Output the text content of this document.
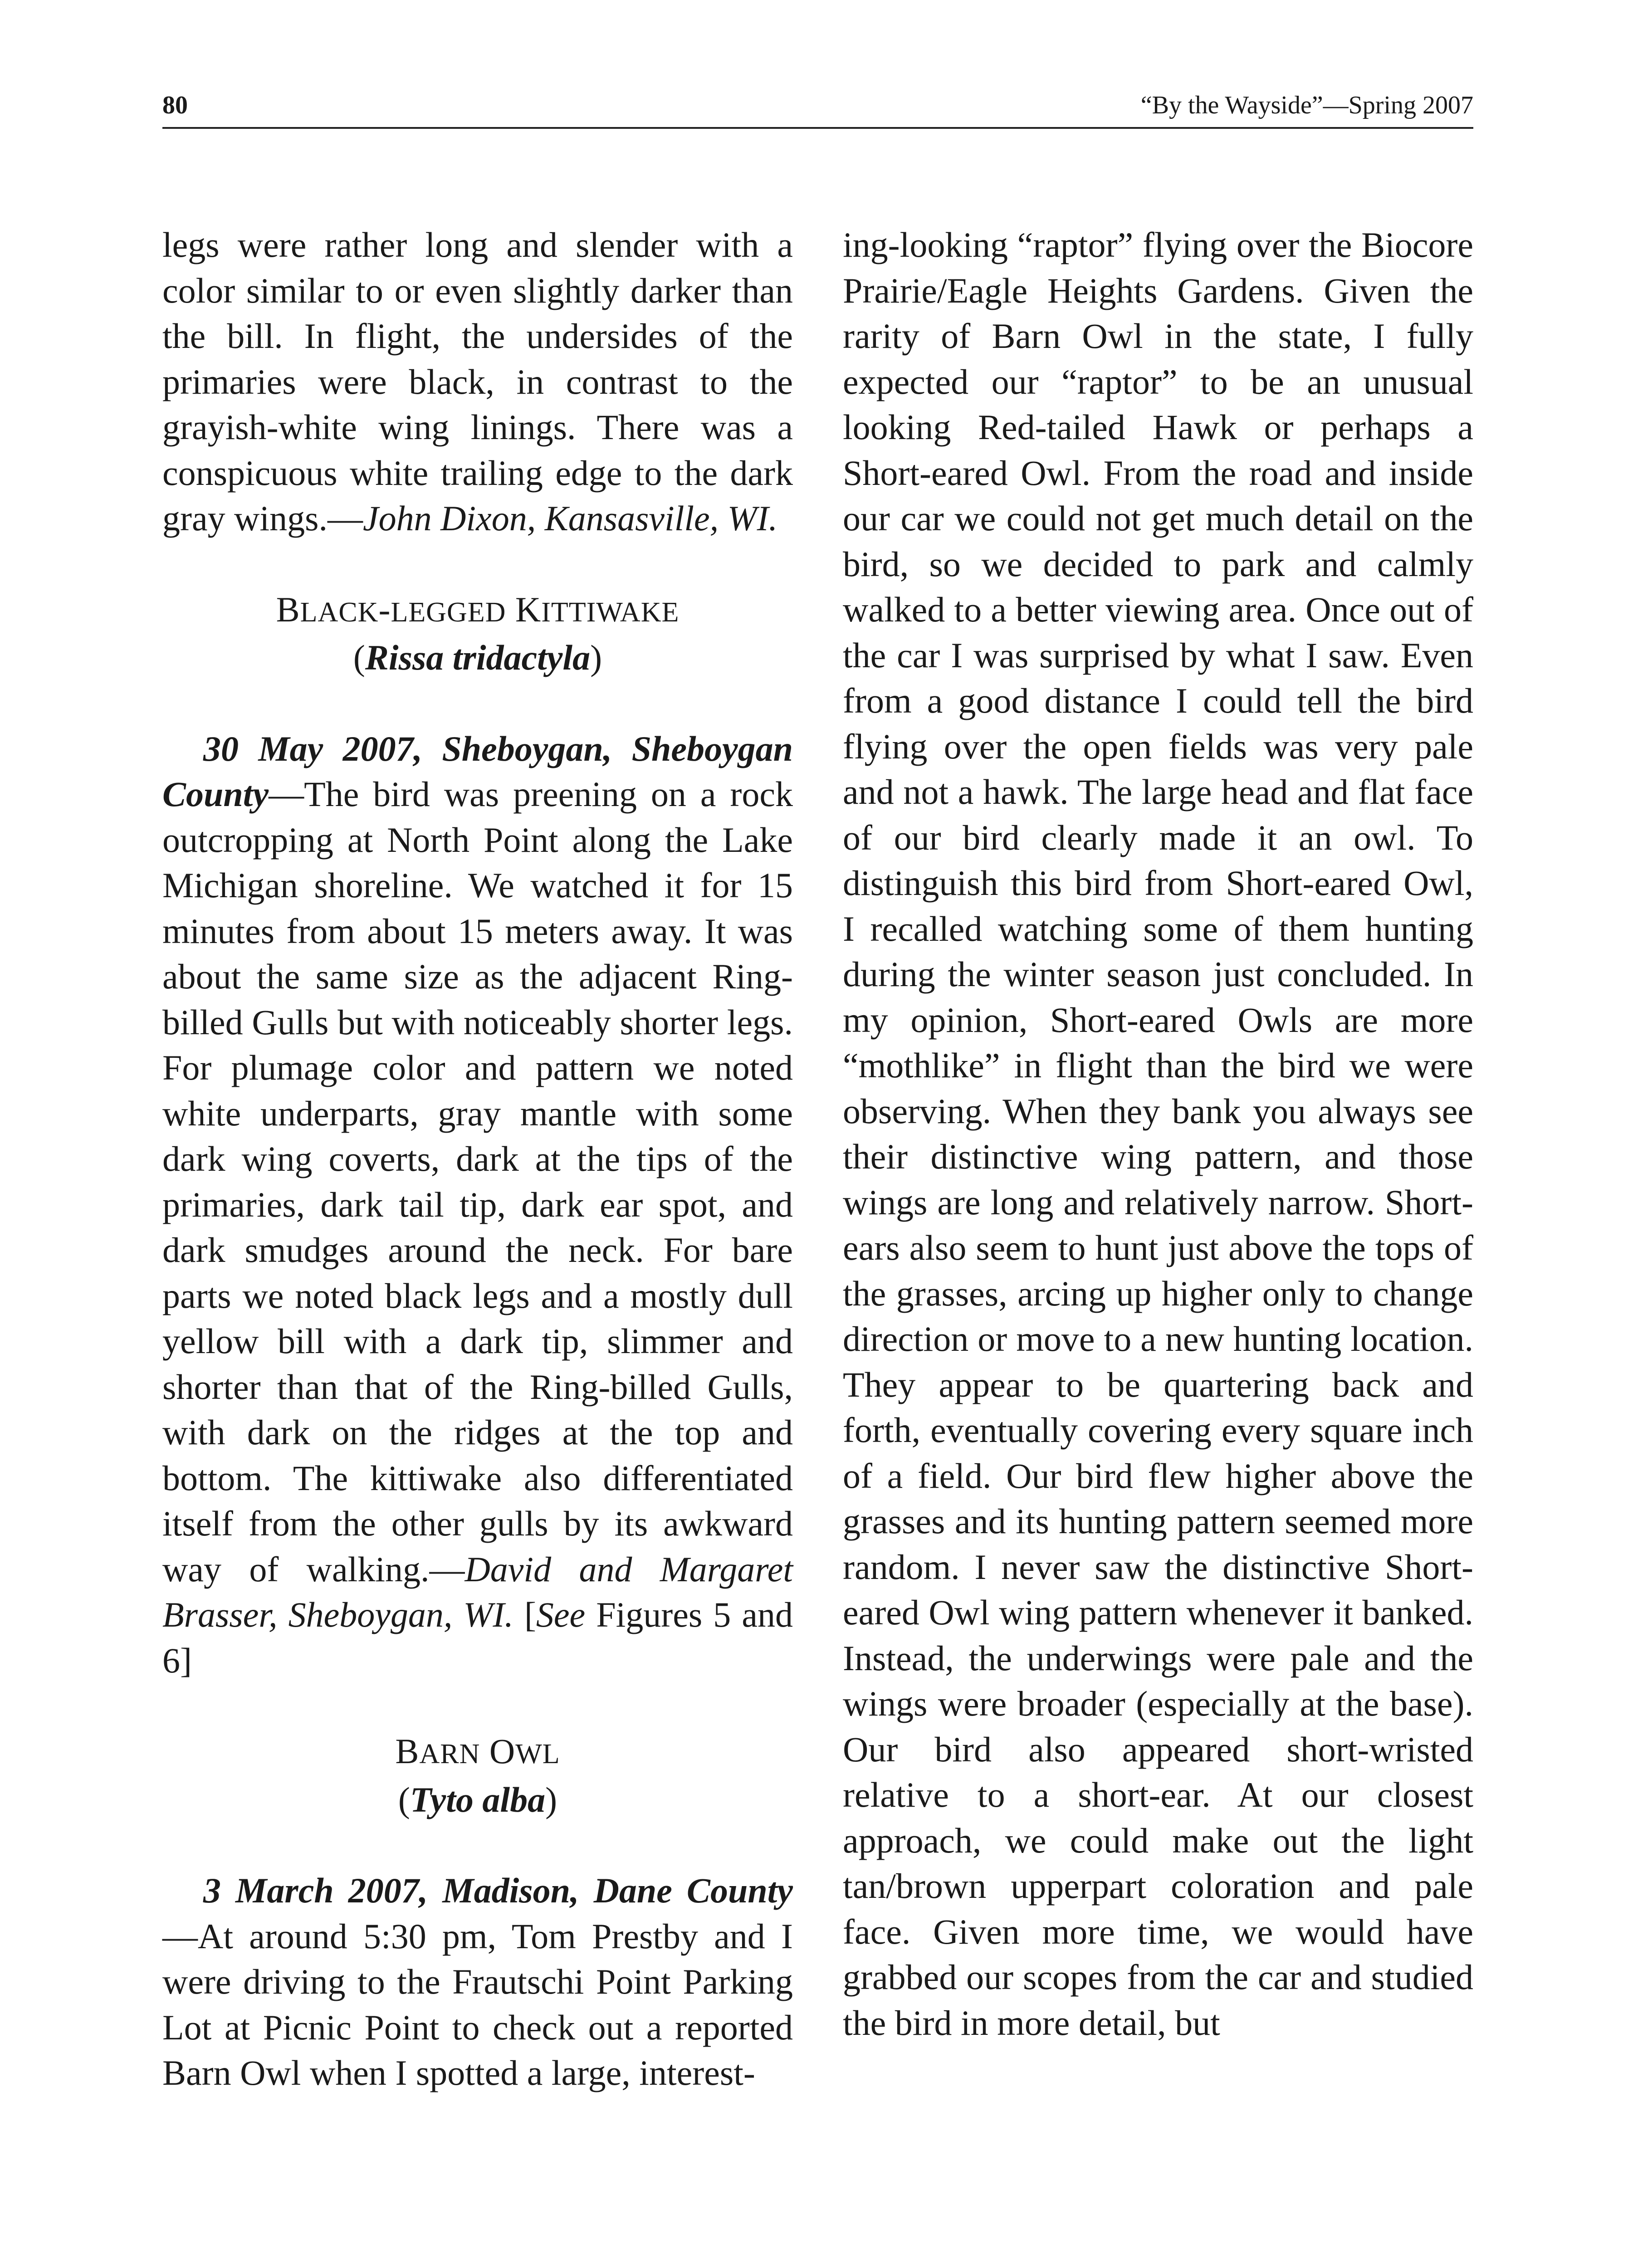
80	“By the Wayside”—Spring 2007

legs were rather long and slender with a color similar to or even slightly darker than the bill. In flight, the undersides of the primaries were black, in contrast to the grayish-white wing linings. There was a conspicuous white trailing edge to the dark gray wings.—John Dixon, Kansasville, WI.

BLACK-LEGGED KITTIWAKE
(Rissa tridactyla)

30 May 2007, Sheboygan, Sheboygan County—The bird was preening on a rock outcropping at North Point along the Lake Michigan shoreline. We watched it for 15 minutes from about 15 meters away. It was about the same size as the adjacent Ring-billed Gulls but with noticeably shorter legs. For plumage color and pattern we noted white underparts, gray mantle with some dark wing coverts, dark at the tips of the primaries, dark tail tip, dark ear spot, and dark smudges around the neck. For bare parts we noted black legs and a mostly dull yellow bill with a dark tip, slimmer and shorter than that of the Ring-billed Gulls, with dark on the ridges at the top and bottom. The kittiwake also differentiated itself from the other gulls by its awkward way of walking.—David and Margaret Brasser, Sheboygan, WI. [See Figures 5 and 6]

BARN OWL
(Tyto alba)

3 March 2007, Madison, Dane County—At around 5:30 pm, Tom Prestby and I were driving to the Frautschi Point Parking Lot at Picnic Point to check out a reported Barn Owl when I spotted a large, interest-

ing-looking “raptor” flying over the Biocore Prairie/Eagle Heights Gardens. Given the rarity of Barn Owl in the state, I fully expected our “raptor” to be an unusual looking Red-tailed Hawk or perhaps a Short-eared Owl. From the road and inside our car we could not get much detail on the bird, so we decided to park and calmly walked to a better viewing area. Once out of the car I was surprised by what I saw. Even from a good distance I could tell the bird flying over the open fields was very pale and not a hawk. The large head and flat face of our bird clearly made it an owl. To distinguish this bird from Short-eared Owl, I recalled watching some of them hunting during the winter season just concluded. In my opinion, Short-eared Owls are more “mothlike” in flight than the bird we were observing. When they bank you always see their distinctive wing pattern, and those wings are long and relatively narrow. Short-ears also seem to hunt just above the tops of the grasses, arcing up higher only to change direction or move to a new hunting location. They appear to be quartering back and forth, eventually covering every square inch of a field. Our bird flew higher above the grasses and its hunting pattern seemed more random. I never saw the distinctive Short-eared Owl wing pattern whenever it banked. Instead, the underwings were pale and the wings were broader (especially at the base). Our bird also appeared short-wristed relative to a short-ear. At our closest approach, we could make out the light tan/brown upperpart coloration and pale face. Given more time, we would have grabbed our scopes from the car and studied the bird in more detail, but
